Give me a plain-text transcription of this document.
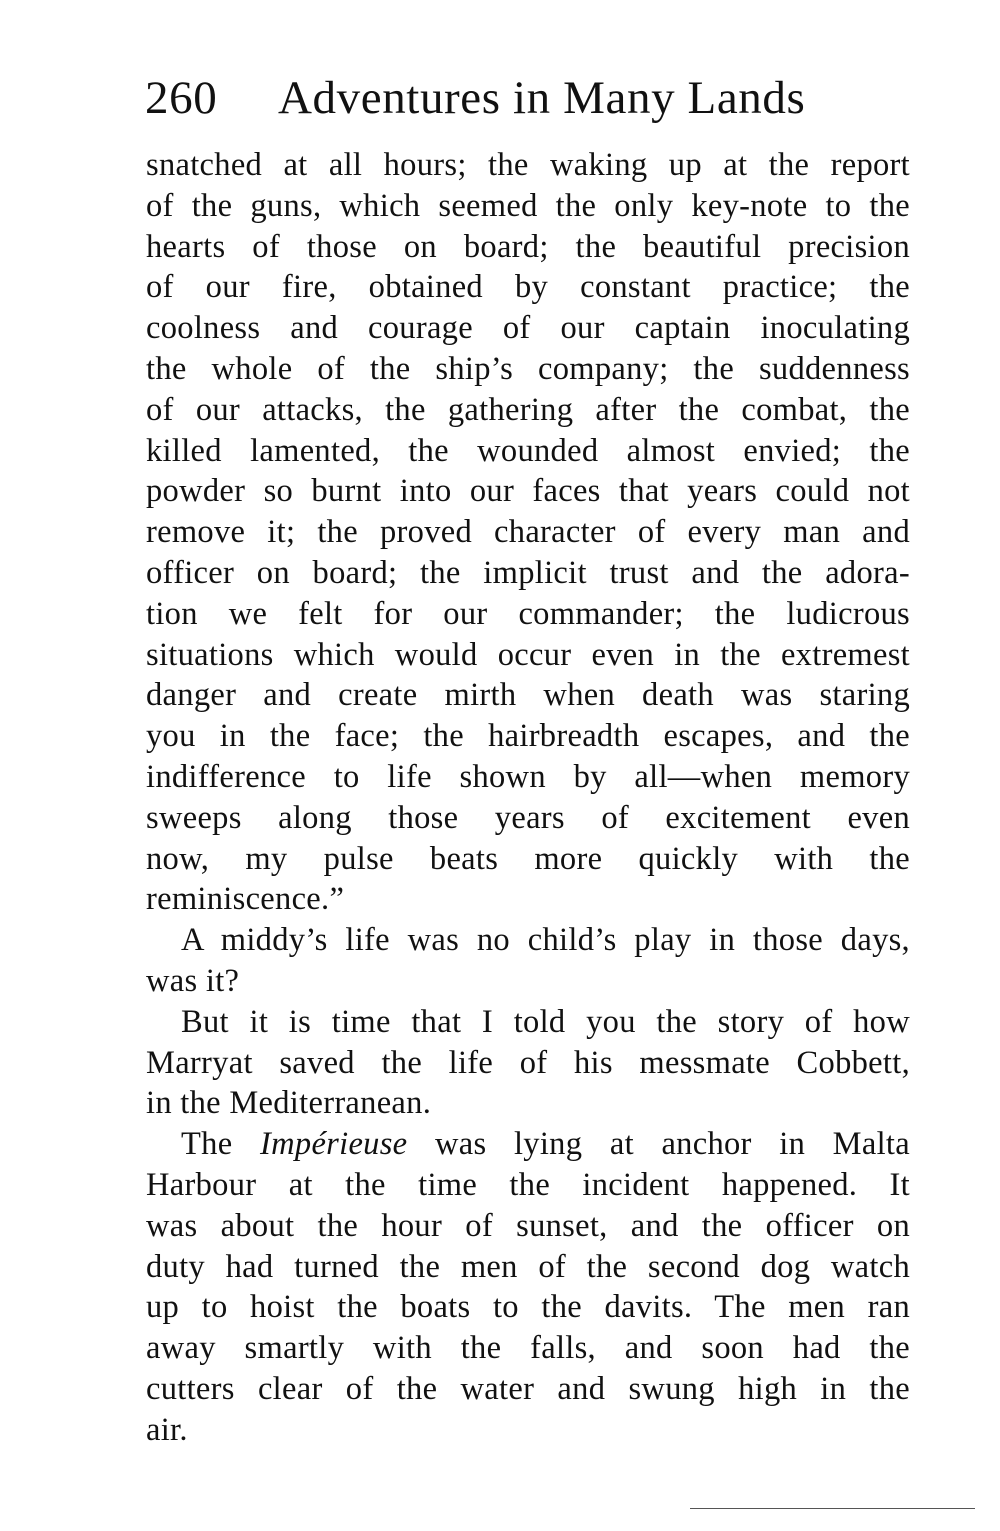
260 Adventures in Many Lands
snatched at all hours; the waking up at the report
of the guns, which seemed the only key-note to the
hearts of those on board; the beautiful precision
of our fire, obtained by constant practice; the
coolness and courage of our captain inoculating
the whole of the ship’s company; the suddenness
of our attacks, the gathering after the combat, the
killed lamented, the wounded almost envied; the
powder so burnt into our faces that years could not
remove it; the proved character of every man and
officer on board; the implicit trust and the adora-
tion we felt for our commander; the ludicrous
situations which would occur even in the extremest
danger and create mirth when death was staring
you in the face; the hairbreadth escapes, and the
indifference to life shown by all—when memory
sweeps along those years of excitement even
now, my pulse beats more quickly with the
reminiscence.”
A middy’s life was no child’s play in those days,
was it?
But it is time that I told you the story of how
Marryat saved the life of his messmate Cobbett,
in the Mediterranean.
The Impérieuse was lying at anchor in Malta
Harbour at the time the incident happened. It
was about the hour of sunset, and the officer on
duty had turned the men of the second dog watch
up to hoist the boats to the davits. The men ran
away smartly with the falls, and soon had the
cutters clear of the water and swung high in the
air.
